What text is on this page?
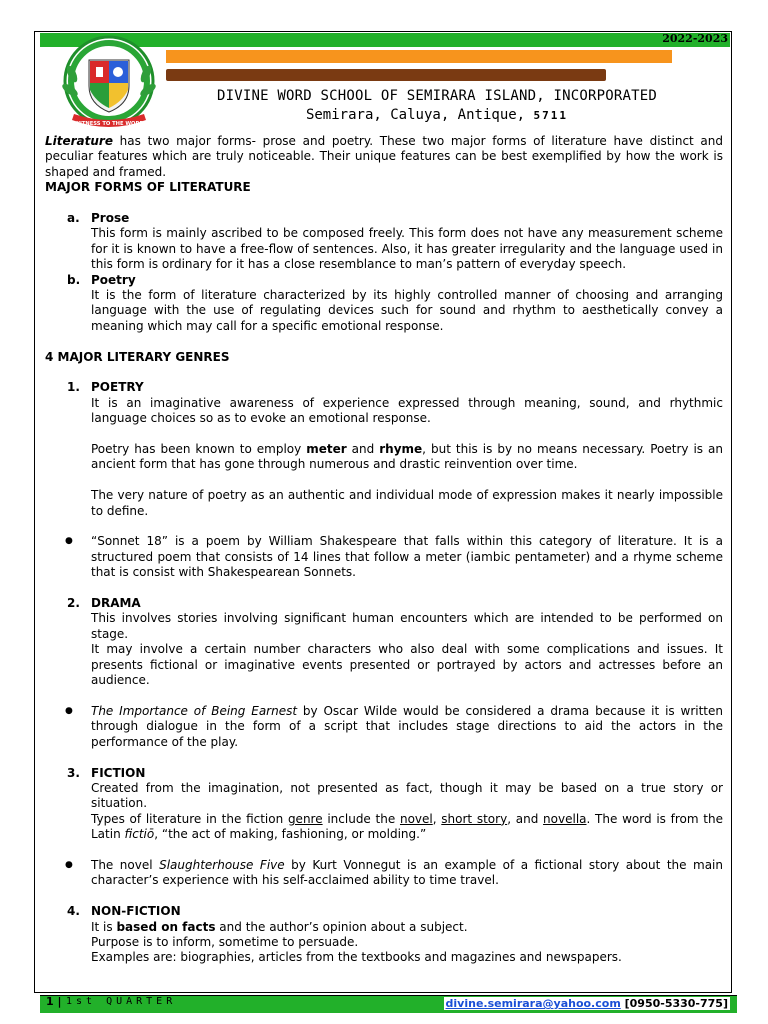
2022-2023
WITNESS TO THE WORD
DIVINE WORD SCHOOL OF SEMIRARA ISLAND, INCORPORATED
Semirara, Caluya, Antique, 5711

Literature has two major forms- prose and poetry. These two major forms of literature have distinct and peculiar features which are truly noticeable. Their unique features can be best exemplified by how the work is shaped and framed.

MAJOR FORMS OF LITERATURE

a. Prose

This form is mainly ascribed to be composed freely. This form does not have any measurement scheme for it is known to have a free-flow of sentences. Also, it has greater irregularity and the language used in this form is ordinary for it has a close resemblance to man’s pattern of everyday speech.

b. Poetry

It is the form of literature characterized by its highly controlled manner of choosing and arranging language with the use of regulating devices such for sound and rhythm to aesthetically convey a meaning which may call for a specific emotional response.

4 MAJOR LITERARY GENRES

1. POETRY

It is an imaginative awareness of experience expressed through meaning, sound, and rhythmic language choices so as to evoke an emotional response.

Poetry has been known to employ meter and rhyme, but this is by no means necessary. Poetry is an ancient form that has gone through numerous and drastic reinvention over time.

The very nature of poetry as an authentic and individual mode of expression makes it nearly impossible to define.

● “Sonnet 18” is a poem by William Shakespeare that falls within this category of literature. It is a structured poem that consists of 14 lines that follow a meter (iambic pentameter) and a rhyme scheme that is consist with Shakespearean Sonnets.

2. DRAMA

This involves stories involving significant human encounters which are intended to be performed on stage.

It may involve a certain number characters who also deal with some complications and issues. It presents fictional or imaginative events presented or portrayed by actors and actresses before an audience.

● The Importance of Being Earnest by Oscar Wilde would be considered a drama because it is written through dialogue in the form of a script that includes stage directions to aid the actors in the performance of the play.

3. FICTION

Created from the imagination, not presented as fact, though it may be based on a true story or situation.

Types of literature in the fiction genre include the novel, short story, and novella. The word is from the Latin fictiō, “the act of making, fashioning, or molding.”

● The novel Slaughterhouse Five by Kurt Vonnegut is an example of a fictional story about the main character’s experience with his self-acclaimed ability to time travel.

4. NON-FICTION

It is based on facts and the author’s opinion about a subject.

Purpose is to inform, sometime to persuade.

Examples are: biographies, articles from the textbooks and magazines and newspapers.

1 | 1st QUARTER	divine.semirara@yahoo.com [0950-5330-775]
